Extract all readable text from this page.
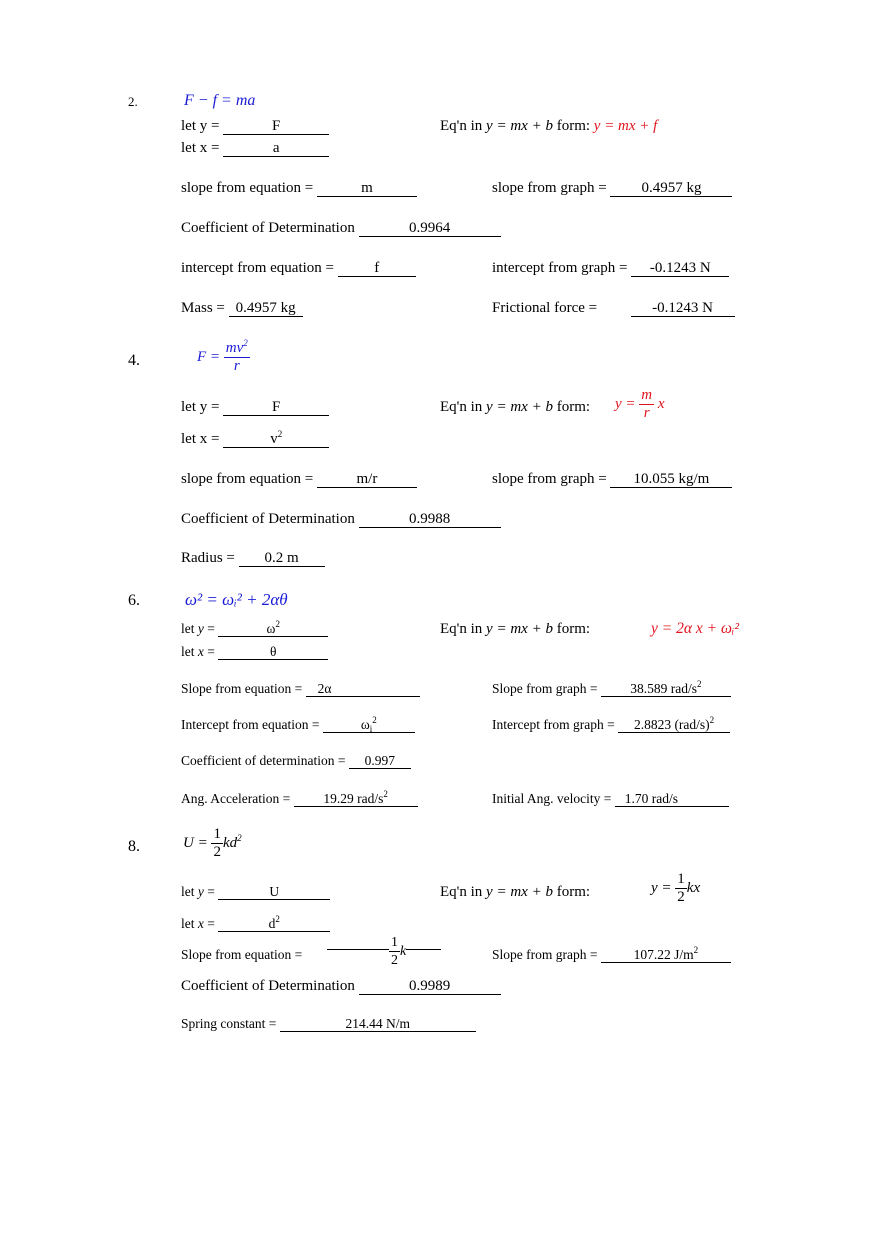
2.	F − f = ma
let y =	F
let x =	a
Eq'n in y = mx + b form: y = mx + f
slope from equation =	m	slope from graph = 0.4957 kg
Coefficient of Determination	0.9964
intercept from equation =	f	intercept from graph = -0.1243 N
Mass = 0.4957 kg	Frictional force =	-0.1243 N
4.	$F = \frac{mv^2}{r}$
let y =	F
let x =	$v^2$
Eq'n in y = mx + b form: $y = \frac{m}{r}$ x
slope from equation =	m/r	slope from graph = 10.055 kg/m
Coefficient of Determination	0.9988
Radius = 0.2 m
6.	ω² = ωᵢ² + 2αθ
let y =	$\omega^2$
let x =	θ
Eq'n in y = mx + b form:	y = 2α x + ωᵢ²
Slope from equation = 2α	Slope from graph = 38.589 rad/$s^2$
Intercept from equation =	$\omega_i^2$	Intercept from graph = 2.8823 $(rad/s)^2$
Coefficient of determination = 0.997
Ang. Acceleration = 19.29 rad/$s^2$	Initial Ang. velocity = 1.70 rad/s
8.	$U = \frac{1}{2} kd^2$
let y =	U
let x =	$d^2$
Eq'n in y = mx + b form:	$y = \frac{1}{2}$ kx
Slope from equation =	$\frac{1}{2}$ k	Slope from graph =	107.22 $J/m^2$
Coefficient of Determination	0.9989
Spring constant =	214.44 N/m
